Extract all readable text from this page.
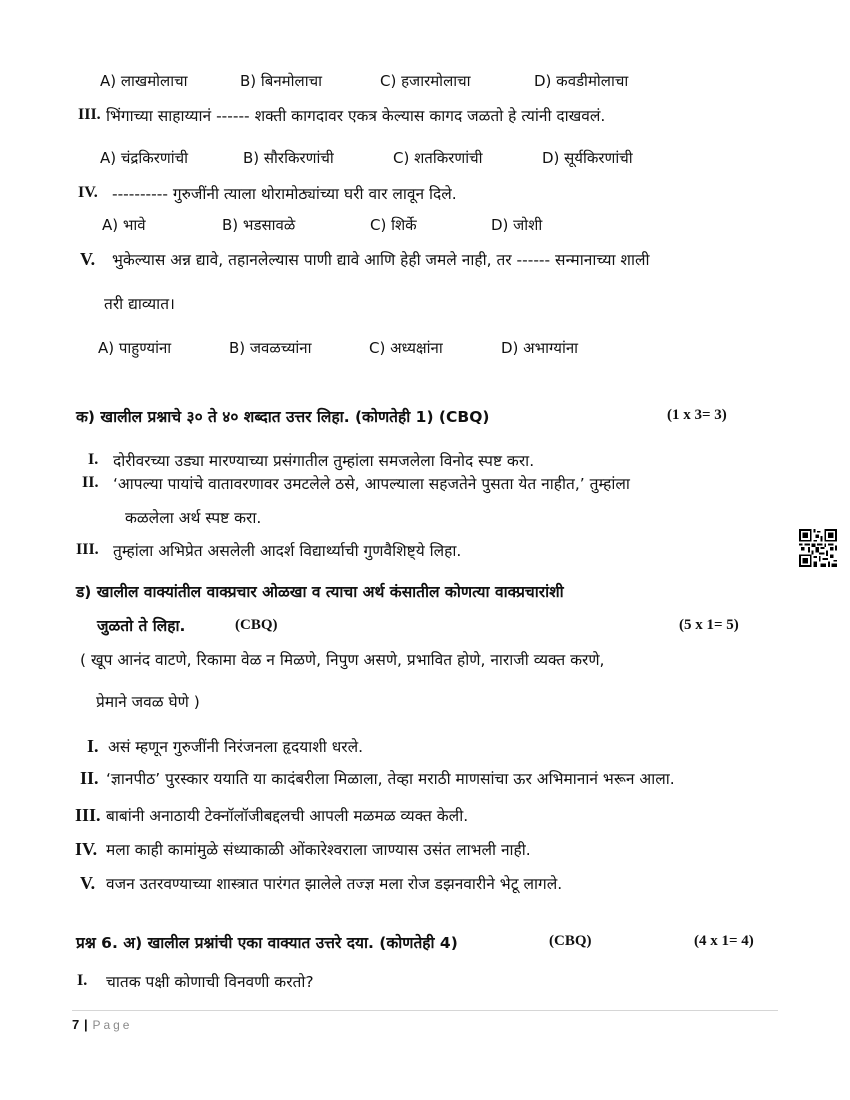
A) लाखमोलाचा	B) बिनमोलाचा	C) हजारमोलाचा	D) कवडीमोलाचा
III. भिंगाच्या साहाय्यानं ------ शक्ती कागदावर एकत्र केल्यास कागद जळतो हे त्यांनी दाखवलं.
A) चंद्रकिरणांची	B) सौरकिरणांची	C) शतकिरणांची	D) सूर्यकिरणांची
IV. ---------- गुरुजींनी त्याला थोरामोठ्यांच्या घरी वार लावून दिले.
A) भावे	B) भडसावळे	C) शिर्के	D) जोशी
V. भुकेल्यास अन्न द्यावे, तहानलेल्यास पाणी द्यावे आणि हेही जमले नाही, तर ------ सन्मानाच्या शाली
तरी द्याव्यात।
A) पाहुण्यांना	B) जवळच्यांना	C) अध्यक्षांना	D) अभाग्यांना
क) खालील प्रश्नाचे ३० ते ४० शब्दात उत्तर लिहा. (कोणतेही 1) (CBQ)	(1 x 3= 3)
I. दोरीवरच्या उड्या मारण्याच्या प्रसंगातील तुम्हांला समजलेला विनोद स्पष्ट करा.
II. ‘आपल्या पायांचे वातावरणावर उमटलेले ठसे, आपल्याला सहजतेने पुसता येत नाहीत,’ तुम्हांला
कळलेला अर्थ स्पष्ट करा.
III. तुम्हांला अभिप्रेत असलेली आदर्श विद्यार्थ्याची गुणवैशिष्ट्ये लिहा.
ड) खालील वाक्यांतील वाक्प्रचार ओळखा व त्याचा अर्थ कंसातील कोणत्या वाक्प्रचारांशी
जुळतो ते लिहा.	(CBQ)	(5 x 1= 5)
( खूप आनंद वाटणे, रिकामा वेळ न मिळणे, निपुण असणे, प्रभावित होणे, नाराजी व्यक्त करणे,
प्रेमाने जवळ घेणे )
I. असं म्हणून गुरुजींनी निरंजनला हृदयाशी धरले.
II. ‘ज्ञानपीठ’ पुरस्कार ययाति या कादंबरीला मिळाला, तेव्हा मराठी माणसांचा ऊर अभिमानानं भरून आला.
III. बाबांनी अनाठायी टेक्नॉलॉजीबद्दलची आपली मळमळ व्यक्त केली.
IV. मला काही कामांमुळे संध्याकाळी ओंकारेश्वराला जाण्यास उसंत लाभली नाही.
V. वजन उतरवण्याच्या शास्त्रात पारंगत झालेले तज्ज्ञ मला रोज डझनवारीने भेटू लागले.
प्रश्न 6. अ) खालील प्रश्नांची एका वाक्यात उत्तरे दया. (कोणतेही 4)	(CBQ)	(4 x 1= 4)
I. चातक पक्षी कोणाची विनवणी करतो?
7 | Page
